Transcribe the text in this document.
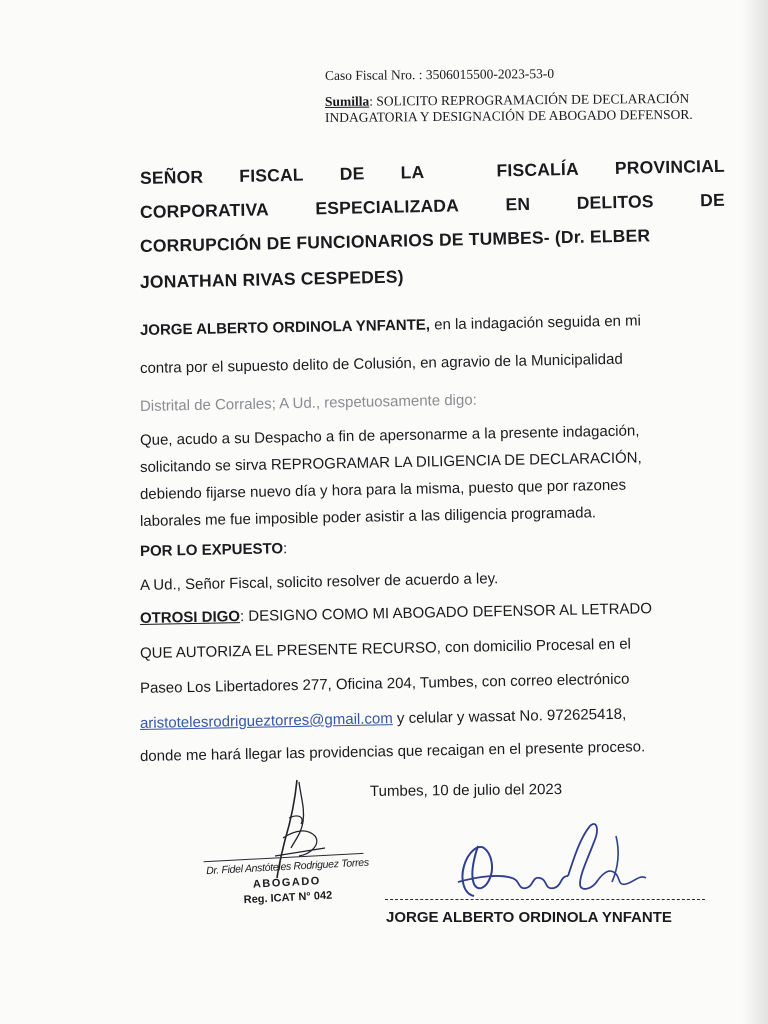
Caso Fiscal Nro. : 3506015500-2023-53-0
Sumilla: SOLICITO REPROGRAMACIÓN DE DECLARACIÓN
INDAGATORIA Y DESIGNACIÓN DE ABOGADO DEFENSOR.
SEÑOR FISCAL DE LA	FISCALÍA PROVINCIAL
CORPORATIVA	ESPECIALIZADA	EN	DELITOS	DE
CORRUPCIÓN DE FUNCIONARIOS DE TUMBES- (Dr. ELBER
JONATHAN RIVAS CESPEDES)
JORGE ALBERTO ORDINOLA YNFANTE, en la indagación seguida en mi
contra por el supuesto delito de Colusión, en agravio de la Municipalidad
Distrital de Corrales; A Ud., respetuosamente digo:
Que, acudo a su Despacho a fin de apersonarme a la presente indagación,
solicitando se sirva REPROGRAMAR LA DILIGENCIA DE DECLARACIÓN,
debiendo fijarse nuevo día y hora para la misma, puesto que por razones
laborales me fue imposible poder asistir a las diligencia programada.
POR LO EXPUESTO:
A Ud., Señor Fiscal, solicito resolver de acuerdo a ley.
OTROSI DIGO: DESIGNO COMO MI ABOGADO DEFENSOR AL LETRADO
QUE AUTORIZA EL PRESENTE RECURSO, con domicilio Procesal en el
Paseo Los Libertadores 277, Oficina 204, Tumbes, con correo electrónico
aristotelesrodrigueztorres@gmail.com y celular y wassat No. 972625418,
donde me hará llegar las providencias que recaigan en el presente proceso.
Tumbes, 10 de julio del 2023
Dr. Fidel Anstóteles Rodriguez Torres
ABOGADO
Reg. ICAT N° 042
JORGE ALBERTO ORDINOLA YNFANTE
